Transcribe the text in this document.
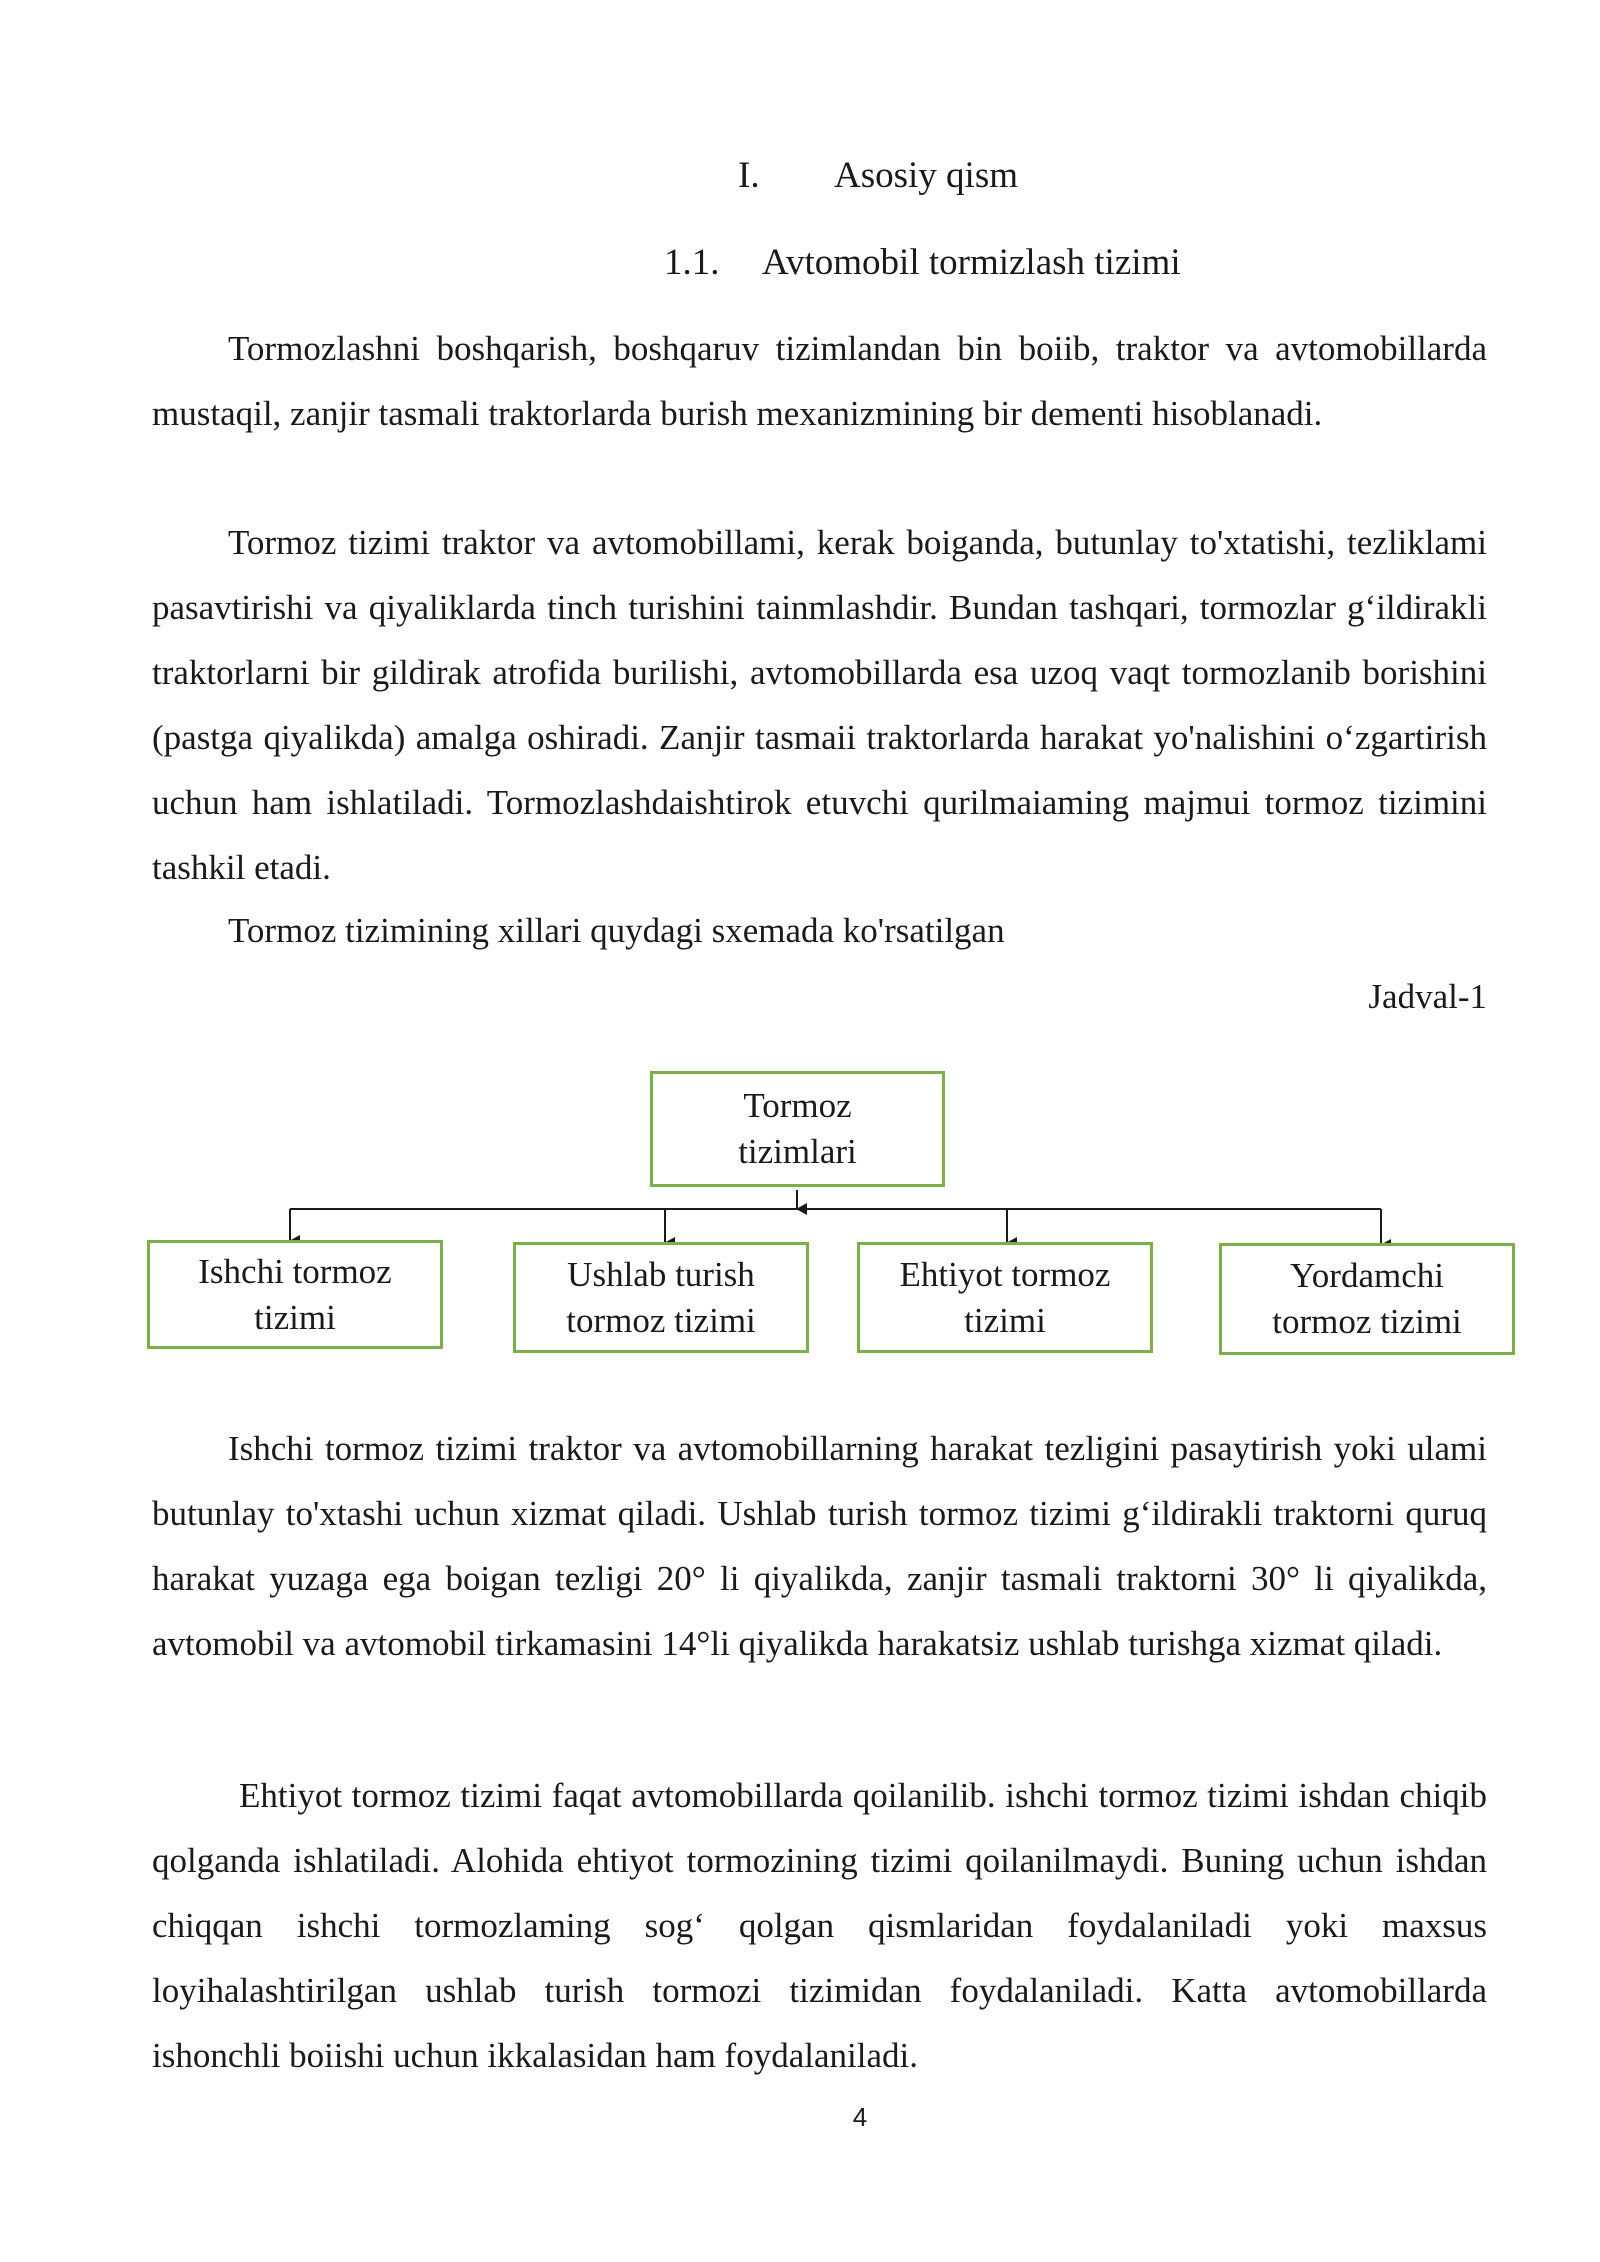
I. Asosiy qism
1.1. Avtomobil tormizlash tizimi

Tormozlashni boshqarish, boshqaruv tizimlandan bin boiib, traktor va avtomobillarda mustaqil, zanjir tasmali traktorlarda burish mexanizmining bir dementi hisoblanadi.

Tormoz tizimi traktor va avtomobillami, kerak boiganda, butunlay to'xtatishi, tezliklami pasavtirishi va qiyaliklarda tinch turishini tainmlashdir. Bundan tashqari, tormozlar g‘ildirakli traktorlarni bir gildirak atrofida burilishi, avtomobillarda esa uzoq vaqt tormozlanib borishini (pastga qiyalikda) amalga oshiradi. Zanjir tasmaii traktorlarda harakat yo'nalishini o‘zgartirish uchun ham ishlatiladi. Tormozlashdaishtirok etuvchi qurilmaiaming majmui tormoz tizimini tashkil etadi.

Tormoz tizimining xillari quydagi sxemada ko'rsatilgan
Jadval-1
Tormoz
tizimlari
Ishchi tormoz
tizimi
Ushlab turish
tormoz tizimi
Ehtiyot tormoz
tizimi
Yordamchi
tormoz tizimi

Ishchi tormoz tizimi traktor va avtomobillarning harakat tezligini pasaytirish yoki ulami butunlay to'xtashi uchun xizmat qiladi. Ushlab turish tormoz tizimi g‘ildirakli traktorni quruq harakat yuzaga ega boigan tezligi 20° li qiyalikda, zanjir tasmali traktorni 30° li qiyalikda, avtomobil va avtomobil tirkamasini 14°li qiyalikda harakatsiz ushlab turishga xizmat qiladi.

Ehtiyot tormoz tizimi faqat avtomobillarda qoilanilib. ishchi tormoz tizimi ishdan chiqib qolganda ishlatiladi. Alohida ehtiyot tormozining tizimi qoilanilmaydi. Buning uchun ishdan chiqqan ishchi tormozlaming sog‘ qolgan qismlaridan foydalaniladi yoki maxsus loyihalashtirilgan ushlab turish tormozi tizimidan foydalaniladi. Katta avtomobillarda ishonchli boiishi uchun ikkalasidan ham foydalaniladi.

4
